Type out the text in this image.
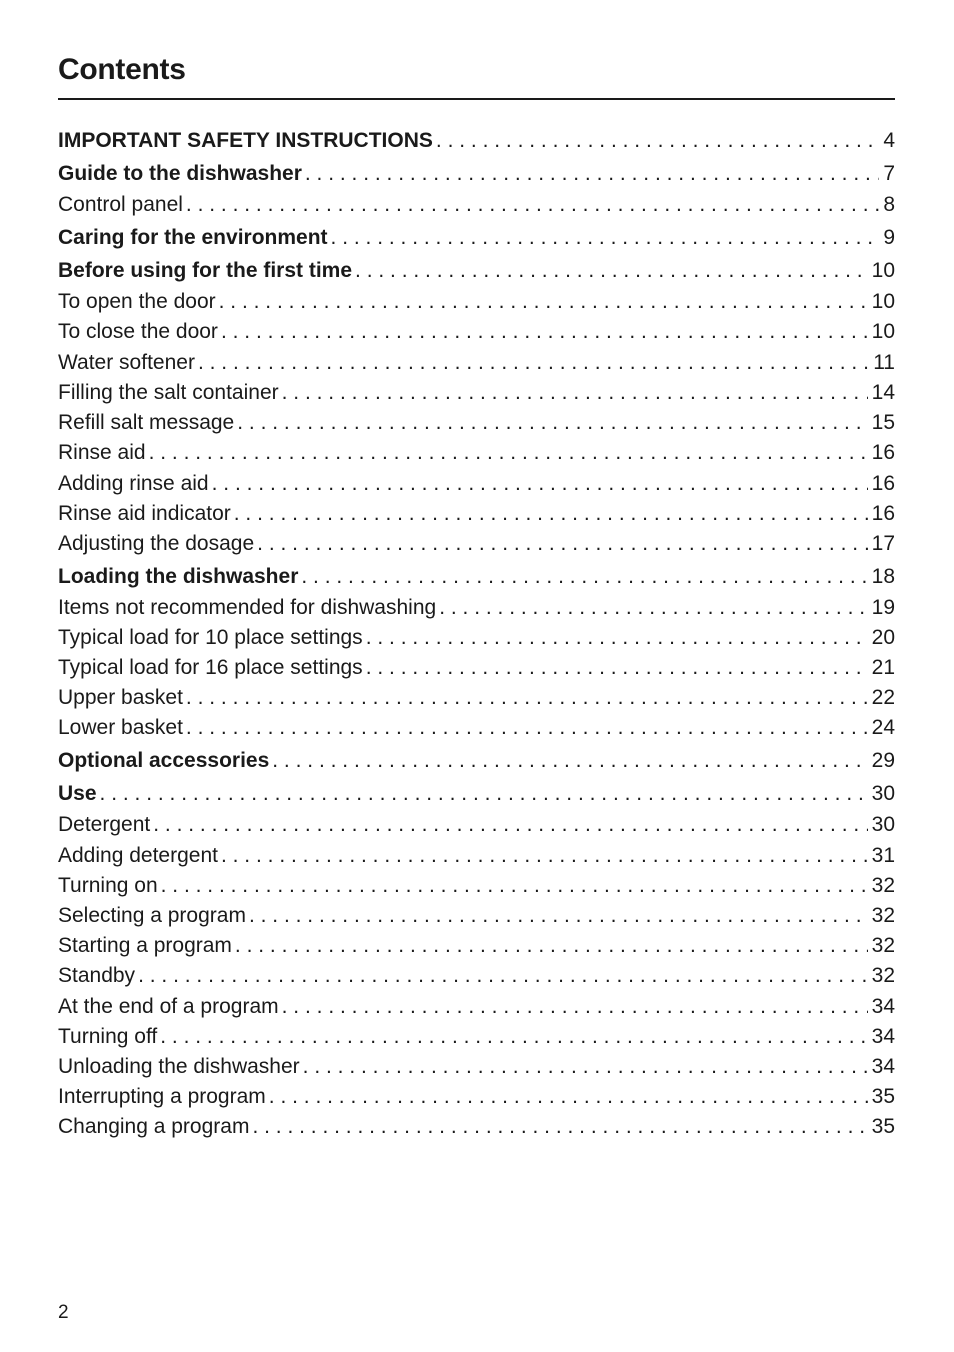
Contents
IMPORTANT SAFETY INSTRUCTIONS . . .	4
Guide to the dishwasher . . .	7
Control panel . . .	8
Caring for the environment . . .	9
Before using for the first time . . .	10
To open the door . . .	10
To close the door . . .	10
Water softener . . .	11
Filling the salt container . . .	14
Refill salt message . . .	15
Rinse aid . . .	16
Adding rinse aid . . .	16
Rinse aid indicator . . .	16
Adjusting the dosage . . .	17
Loading the dishwasher . . .	18
Items not recommended for dishwashing . . .	19
Typical load for 10 place settings . . .	20
Typical load for 16 place settings . . .	21
Upper basket . . .	22
Lower basket . . .	24
Optional accessories . . .	29
Use . . .	30
Detergent . . .	30
Adding detergent . . .	31
Turning on . . .	32
Selecting a program . . .	32
Starting a program . . .	32
Standby . . .	32
At the end of a program . . .	34
Turning off . . .	34
Unloading the dishwasher . . .	34
Interrupting a program . . .	35
Changing a program . . .	35
2
